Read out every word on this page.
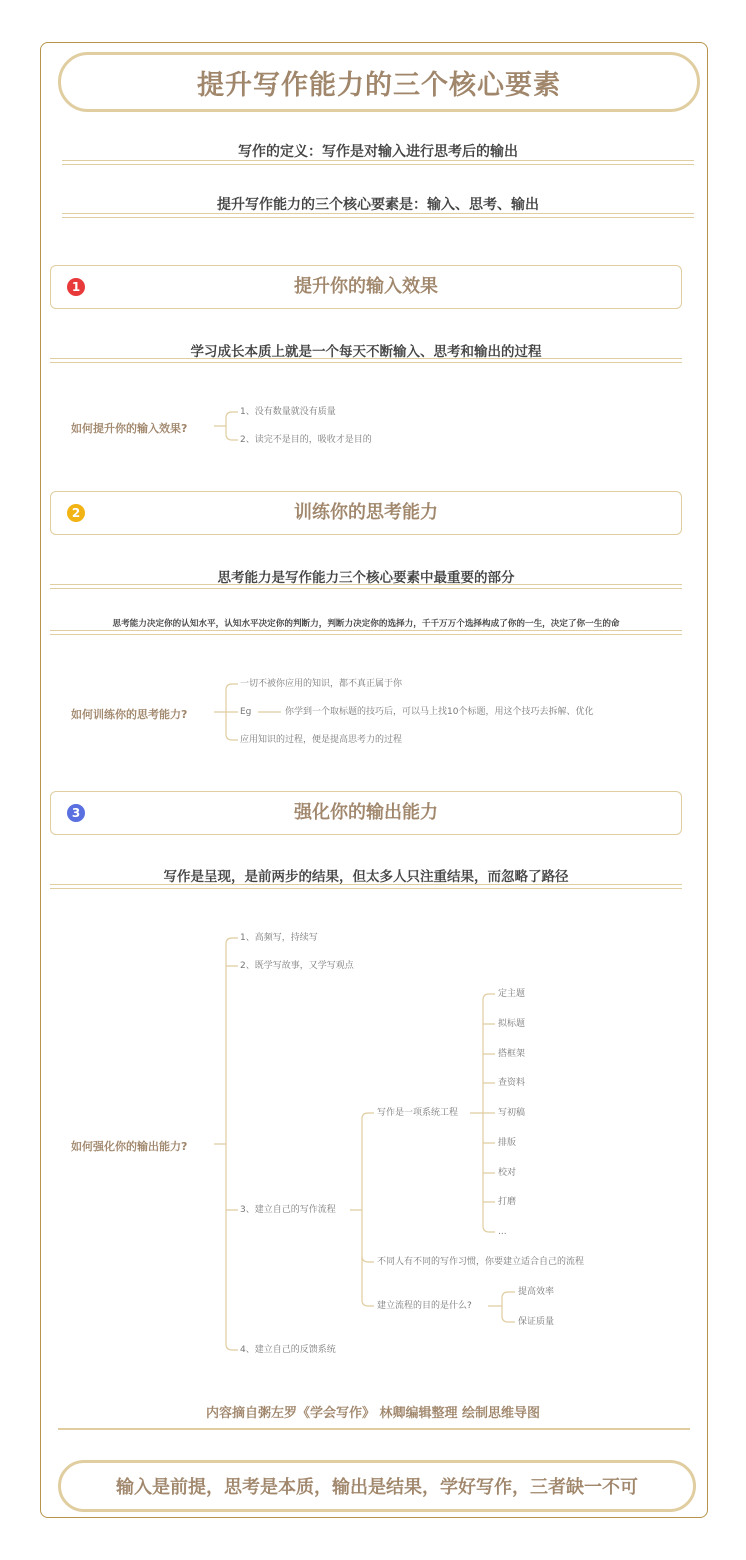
提升写作能力的三个核心要素
写作的定义：写作是对输入进行思考后的输出
提升写作能力的三个核心要素是：输入、思考、输出
1	提升你的输入效果
学习成长本质上就是一个每天不断输入、思考和输出的过程
如何提升你的输入效果?
1、没有数量就没有质量
2、读完不是目的，吸收才是目的
2	训练你的思考能力
思考能力是写作能力三个核心要素中最重要的部分
思考能力决定你的认知水平，认知水平决定你的判断力，判断力决定你的选择力，千千万万个选择构成了你的一生，决定了你一生的命
如何训练你的思考能力?
一切不被你应用的知识，都不真正属于你
Eg	你学到一个取标题的技巧后，可以马上找10个标题，用这个技巧去拆解、优化
应用知识的过程，便是提高思考力的过程
3	强化你的输出能力
写作是呈现，是前两步的结果，但太多人只注重结果，而忽略了路径
如何强化你的输出能力?
1、高频写，持续写
2、既学写故事，又学写观点
3、建立自己的写作流程
4、建立自己的反馈系统
写作是一项系统工程
定主题
拟标题
搭框架
查资料
写初稿
排版
校对
打磨
...
不同人有不同的写作习惯，你要建立适合自己的流程
建立流程的目的是什么?
提高效率
保证质量
内容摘自粥左罗《学会写作》 林卿编辑整理 绘制思维导图
输入是前提，思考是本质，输出是结果，学好写作，三者缺一不可
